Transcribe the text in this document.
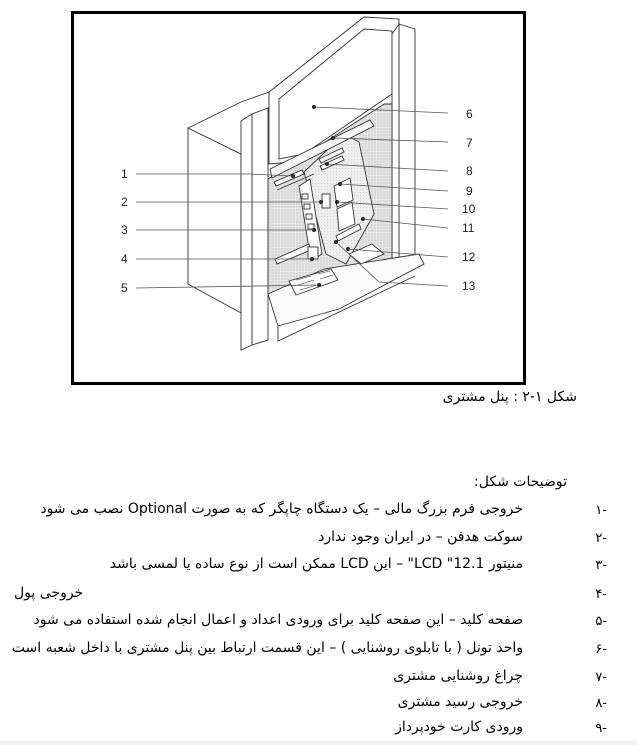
1
2
3
4
5
6
7
8
9
10
11
12
13
شکل ۱-۲ : پنل مشتری
توضیحات شکل:
-۱
خروجی فرم بزرگ مالی – یک دستگاه چاپگر که به صورت Optional نصب می شود
-۲
سوکت هدفن – در ایران وجود ندارد
-۳
منیتور LCD "12.1" – این LCD ممکن است از نوع ساده یا لمسی باشد
-۴
خروجی پول
-۵
صفحه کلید – این صفحه کلید برای ورودی اعداد و اعمال انجام شده استفاده می شود
-۶
واحد تونل ( با تابلوی روشنایی ) – این قسمت ارتباط بین پنل مشتری با داخل شعبه است
-۷
چراغ روشنایی مشتری
-۸
خروجی رسید مشتری
-۹
ورودی کارت خودپرداز
